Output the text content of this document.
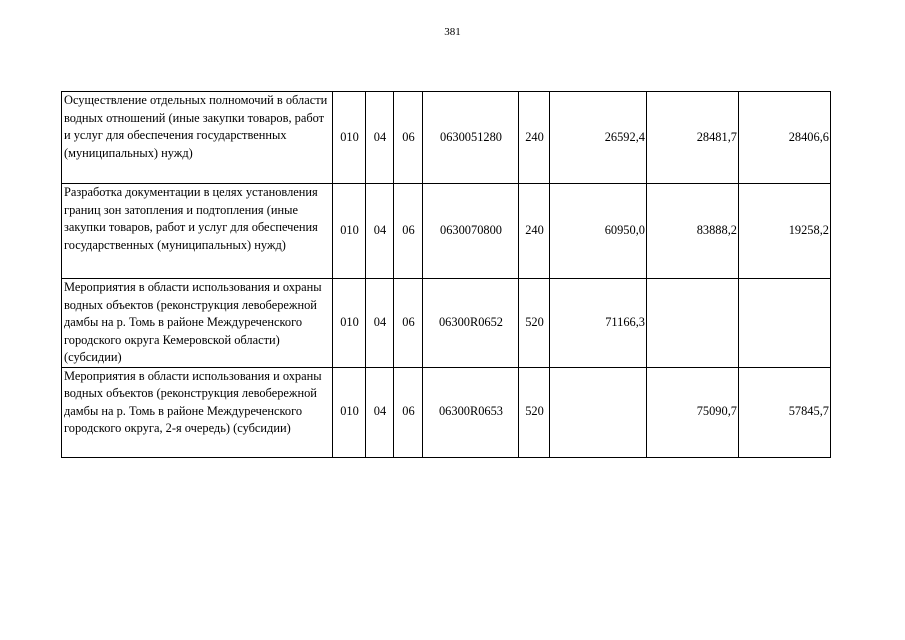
381
Осуществление отдельных полномочий в области водных отношений (иные закупки товаров, работ и услуг для обеспечения государственных (муниципальных) нужд)	010	04	06	0630051280	240	26592,4	28481,7	28406,6
Разработка документации в целях установления границ зон затопления и подтопления (иные закупки товаров, работ и услуг для обеспечения государственных (муниципальных) нужд)	010	04	06	0630070800	240	60950,0	83888,2	19258,2
Мероприятия в области использования и охраны водных объектов (реконструкция левобережной дамбы на р. Томь в районе Междуреченского городского округа Кемеровской области) (субсидии)	010	04	06	06300R0652	520	71166,3		
Мероприятия в области использования и охраны водных объектов (реконструкция левобережной дамбы на р. Томь в районе Междуреченского городского округа, 2-я очередь) (субсидии)	010	04	06	06300R0653	520		75090,7	57845,7
